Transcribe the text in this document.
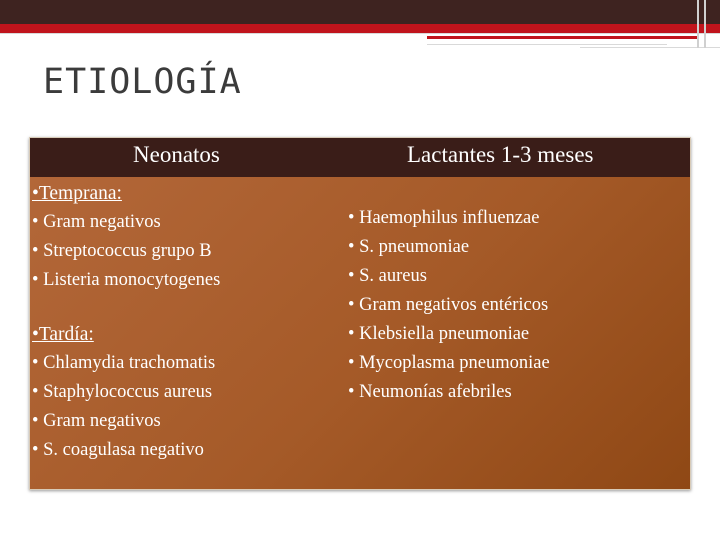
ETIOLOGÍA
Neonatos	Lactantes 1-3 meses
•Temprana:
• Gram negativos
• Streptococcus grupo B
• Listeria monocytogenes
•Tardía:
• Chlamydia trachomatis
• Staphylococcus aureus
• Gram negativos
• S. coagulasa negativo
• Haemophilus influenzae
• S. pneumoniae
• S. aureus
• Gram negativos entéricos
• Klebsiella pneumoniae
• Mycoplasma pneumoniae
• Neumonías afebriles
